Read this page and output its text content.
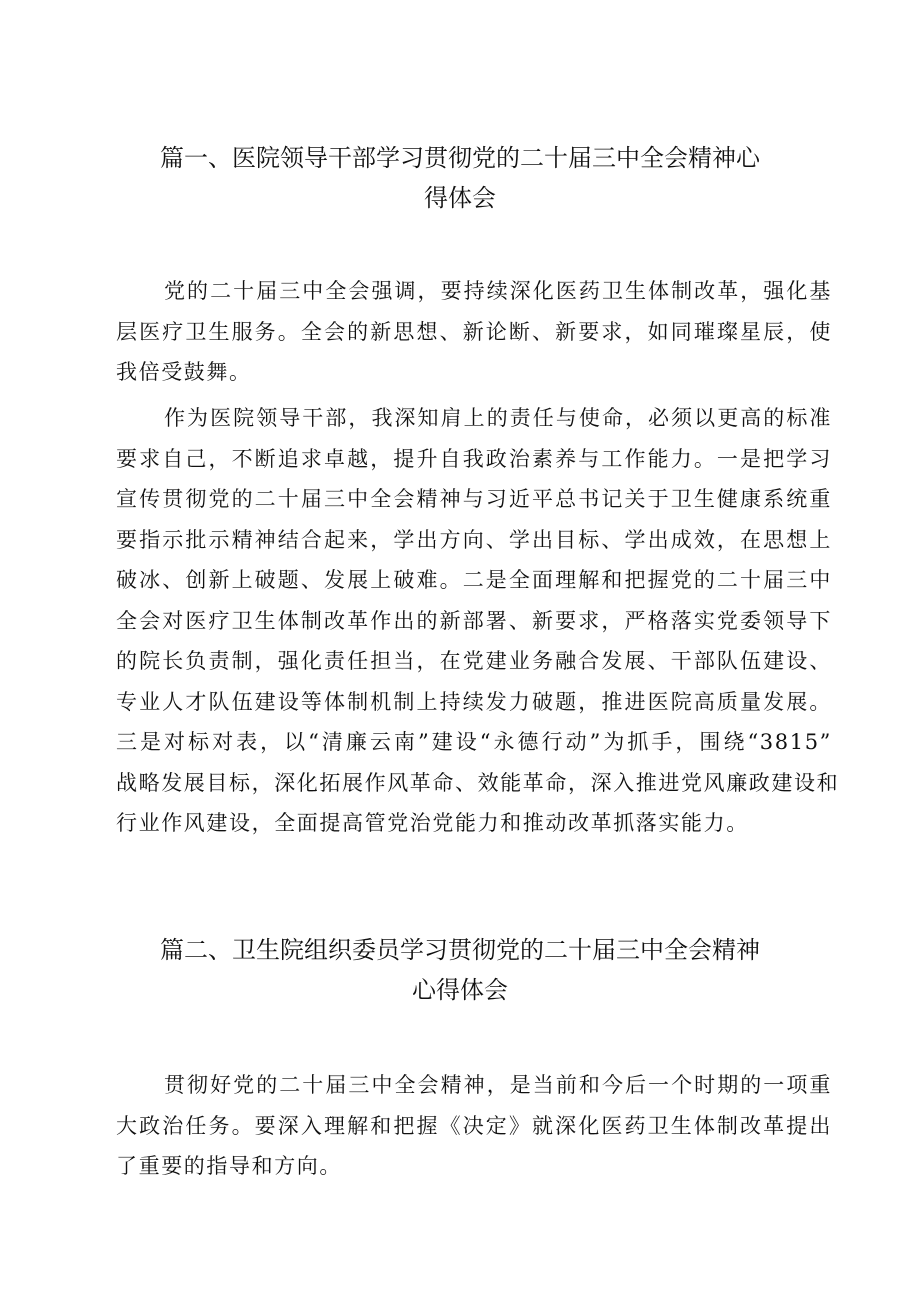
篇一、医院领导干部学习贯彻党的二十届三中全会精神心
得体会
党的二十届三中全会强调，要持续深化医药卫生体制改革，强化基
层医疗卫生服务。全会的新思想、新论断、新要求，如同璀璨星辰，使
我倍受鼓舞。
作为医院领导干部，我深知肩上的责任与使命，必须以更高的标准
要求自己，不断追求卓越，提升自我政治素养与工作能力。一是把学习
宣传贯彻党的二十届三中全会精神与习近平总书记关于卫生健康系统重
要指示批示精神结合起来，学出方向、学出目标、学出成效，在思想上
破冰、创新上破题、发展上破难。二是全面理解和把握党的二十届三中
全会对医疗卫生体制改革作出的新部署、新要求，严格落实党委领导下
的院长负责制，强化责任担当，在党建业务融合发展、干部队伍建设、
专业人才队伍建设等体制机制上持续发力破题，推进医院高质量发展。
三是对标对表，以“清廉云南”建设“永德行动”为抓手，围绕“3815”
战略发展目标，深化拓展作风革命、效能革命，深入推进党风廉政建设和
行业作风建设，全面提高管党治党能力和推动改革抓落实能力。
篇二、卫生院组织委员学习贯彻党的二十届三中全会精神
心得体会
贯彻好党的二十届三中全会精神，是当前和今后一个时期的一项重
大政治任务。要深入理解和把握《决定》就深化医药卫生体制改革提出
了重要的指导和方向。
